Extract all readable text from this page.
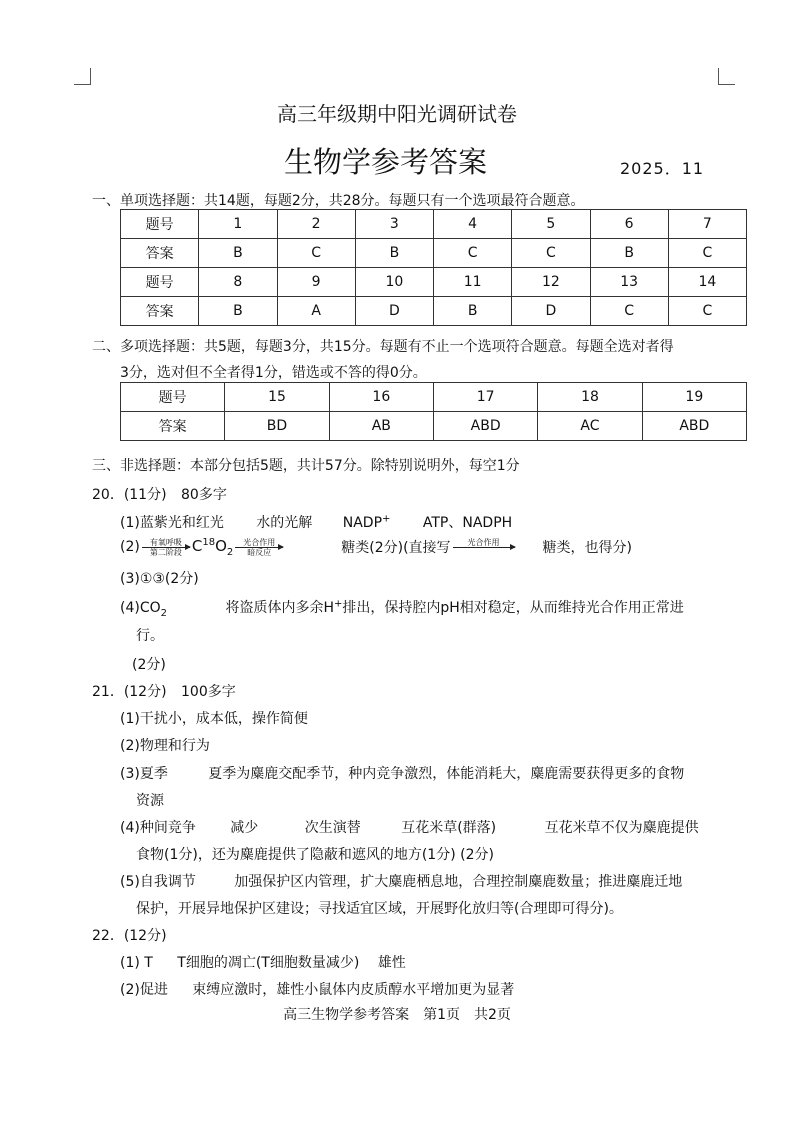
高三年级期中阳光调研试卷
生物学参考答案	2025．11
一、单项选择题：共14题，每题2分，共28分。每题只有一个选项最符合题意。
题号	1	2	3	4	5	6	7
答案	B	C	B	C	C	B	C
题号	8	9	10	11	12	13	14
答案	B	A	D	B	D	C	C
二、多项选择题：共5题，每题3分，共15分。每题有不止一个选项符合题意。每题全选对者得
3分，选对但不全者得1分，错选或不答的得0分。
题号	15	16	17	18	19
答案	BD	AB	ABD	AC	ABD
三、非选择题：本部分包括5题，共计57分。除特别说明外，每空1分
20．(11分) 80多字
(1)蓝紫光和红光 水的光解 NADP+ ATP、NADPH
(2) 有氧呼吸
第二阶段 $C^{18}O_2$
光合作用
暗反应	糖类(2分)(直接写 光合作用	糖类，也得分)
(3)①③(2分)
$(4)CO_2$	将盗质体内多余H+排出，保持腔内pH相对稳定，从而维持光合作用正常进
行。
(2分)
21．(12分) 100多字
(1)干扰小，成本低，操作简便
(2)物理和行为
(3)夏季	夏季为麋鹿交配季节，种内竞争激烈，体能消耗大，麋鹿需要获得更多的食物
资源
(4)种间竞争 减少	次生演替	互花米草(群落)	互花米草不仅为麋鹿提供
食物(1分)，还为麋鹿提供了隐蔽和遮风的地方(1分) (2分)
(5)自我调节	加强保护区内管理，扩大麋鹿栖息地，合理控制麋鹿数量；推进麋鹿迁地
保护，开展异地保护区建设；寻找适宜区域，开展野化放归等(合理即可得分)。
22．(12分)
(1) T T细胞的凋亡(T细胞数量减少) 雄性
(2)促进 束缚应激时，雄性小鼠体内皮质醇水平增加更为显著
高三生物学参考答案　第1页　共2页
